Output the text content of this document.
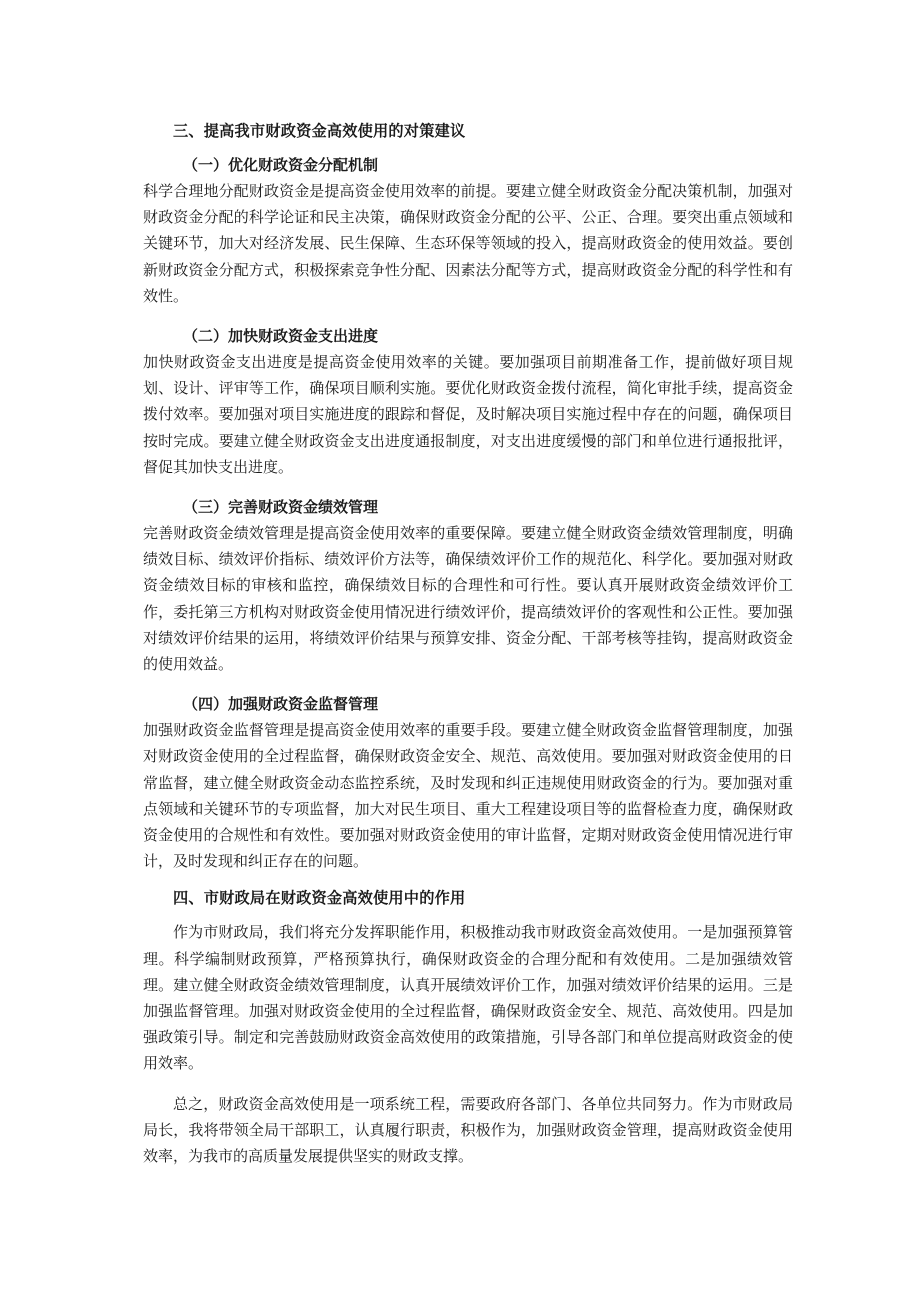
三、提高我市财政资金高效使用的对策建议
（一）优化财政资金分配机制

科学合理地分配财政资金是提高资金使用效率的前提。要建立健全财政资金分配决策机制，加强对财政资金分配的科学论证和民主决策，确保财政资金分配的公平、公正、合理。要突出重点领域和关键环节，加大对经济发展、民生保障、生态环保等领域的投入，提高财政资金的使用效益。要创新财政资金分配方式，积极探索竞争性分配、因素法分配等方式，提高财政资金分配的科学性和有效性。

（二）加快财政资金支出进度

加快财政资金支出进度是提高资金使用效率的关键。要加强项目前期准备工作，提前做好项目规划、设计、评审等工作，确保项目顺利实施。要优化财政资金拨付流程，简化审批手续，提高资金拨付效率。要加强对项目实施进度的跟踪和督促，及时解决项目实施过程中存在的问题，确保项目按时完成。要建立健全财政资金支出进度通报制度，对支出进度缓慢的部门和单位进行通报批评，督促其加快支出进度。

（三）完善财政资金绩效管理

完善财政资金绩效管理是提高资金使用效率的重要保障。要建立健全财政资金绩效管理制度，明确绩效目标、绩效评价指标、绩效评价方法等，确保绩效评价工作的规范化、科学化。要加强对财政资金绩效目标的审核和监控，确保绩效目标的合理性和可行性。要认真开展财政资金绩效评价工作，委托第三方机构对财政资金使用情况进行绩效评价，提高绩效评价的客观性和公正性。要加强对绩效评价结果的运用，将绩效评价结果与预算安排、资金分配、干部考核等挂钩，提高财政资金的使用效益。

（四）加强财政资金监督管理

加强财政资金监督管理是提高资金使用效率的重要手段。要建立健全财政资金监督管理制度，加强对财政资金使用的全过程监督，确保财政资金安全、规范、高效使用。要加强对财政资金使用的日常监督，建立健全财政资金动态监控系统，及时发现和纠正违规使用财政资金的行为。要加强对重点领域和关键环节的专项监督，加大对民生项目、重大工程建设项目等的监督检查力度，确保财政资金使用的合规性和有效性。要加强对财政资金使用的审计监督，定期对财政资金使用情况进行审计，及时发现和纠正存在的问题。

四、市财政局在财政资金高效使用中的作用

作为市财政局，我们将充分发挥职能作用，积极推动我市财政资金高效使用。一是加强预算管理。科学编制财政预算，严格预算执行，确保财政资金的合理分配和有效使用。二是加强绩效管理。建立健全财政资金绩效管理制度，认真开展绩效评价工作，加强对绩效评价结果的运用。三是加强监督管理。加强对财政资金使用的全过程监督，确保财政资金安全、规范、高效使用。四是加强政策引导。制定和完善鼓励财政资金高效使用的政策措施，引导各部门和单位提高财政资金的使用效率。

总之，财政资金高效使用是一项系统工程，需要政府各部门、各单位共同努力。作为市财政局局长，我将带领全局干部职工，认真履行职责，积极作为，加强财政资金管理，提高财政资金使用效率，为我市的高质量发展提供坚实的财政支撑。
